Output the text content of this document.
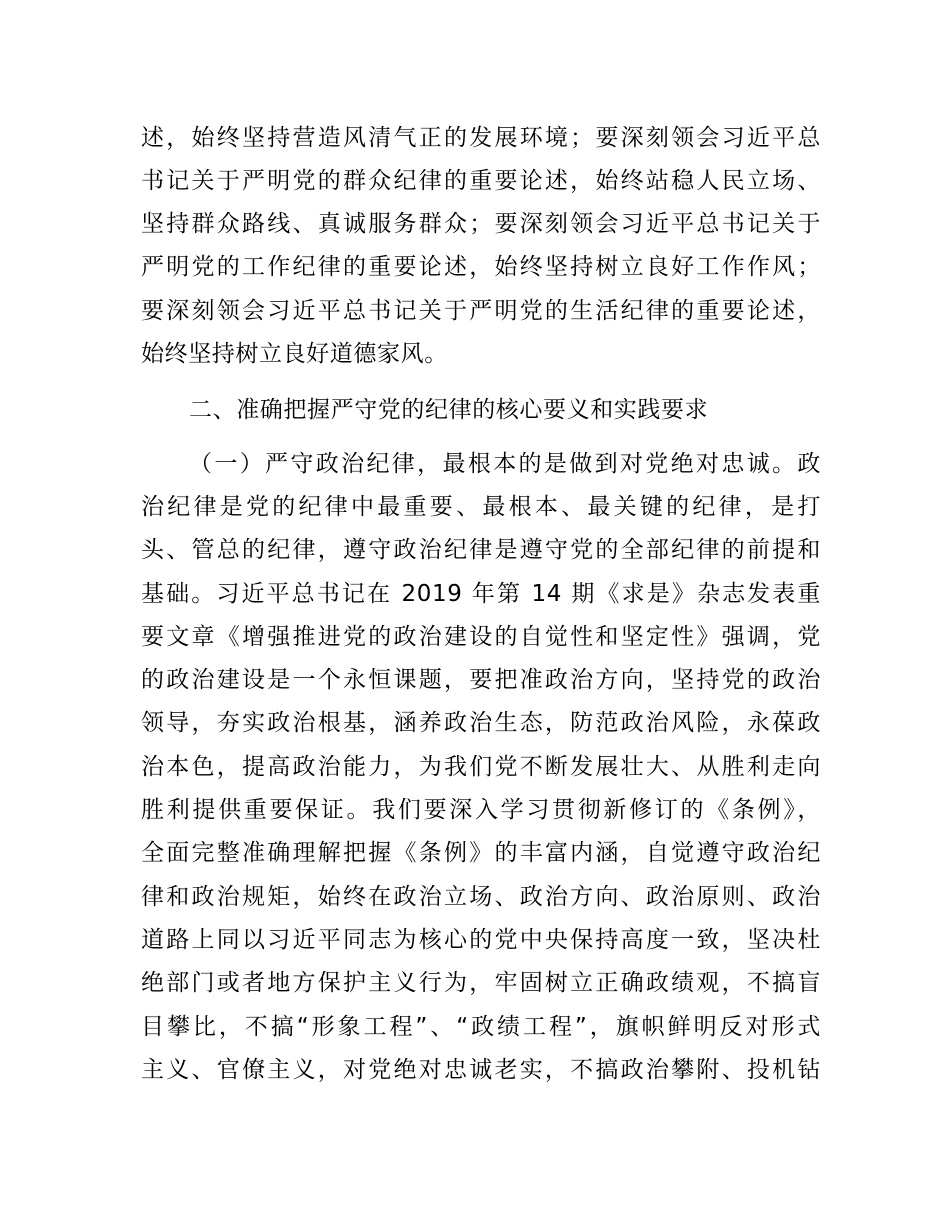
述，始终坚持营造风清气正的发展环境；要深刻领会习近平总
书记关于严明党的群众纪律的重要论述，始终站稳人民立场、
坚持群众路线、真诚服务群众；要深刻领会习近平总书记关于
严明党的工作纪律的重要论述，始终坚持树立良好工作作风；
要深刻领会习近平总书记关于严明党的生活纪律的重要论述，
始终坚持树立良好道德家风。
二、准确把握严守党的纪律的核心要义和实践要求
（一）严守政治纪律，最根本的是做到对党绝对忠诚。政
治纪律是党的纪律中最重要、最根本、最关键的纪律，是打
头、管总的纪律，遵守政治纪律是遵守党的全部纪律的前提和
基础。习近平总书记在 2019 年第 14 期《求是》杂志发表重
要文章《增强推进党的政治建设的自觉性和坚定性》强调，党
的政治建设是一个永恒课题，要把准政治方向，坚持党的政治
领导，夯实政治根基，涵养政治生态，防范政治风险，永葆政
治本色，提高政治能力，为我们党不断发展壮大、从胜利走向
胜利提供重要保证。我们要深入学习贯彻新修订的《条例》，
全面完整准确理解把握《条例》的丰富内涵，自觉遵守政治纪
律和政治规矩，始终在政治立场、政治方向、政治原则、政治
道路上同以习近平同志为核心的党中央保持高度一致，坚决杜
绝部门或者地方保护主义行为，牢固树立正确政绩观，不搞盲
目攀比，不搞“形象工程”、“政绩工程”，旗帜鲜明反对形式
主义、官僚主义，对党绝对忠诚老实，不搞政治攀附、投机钻
